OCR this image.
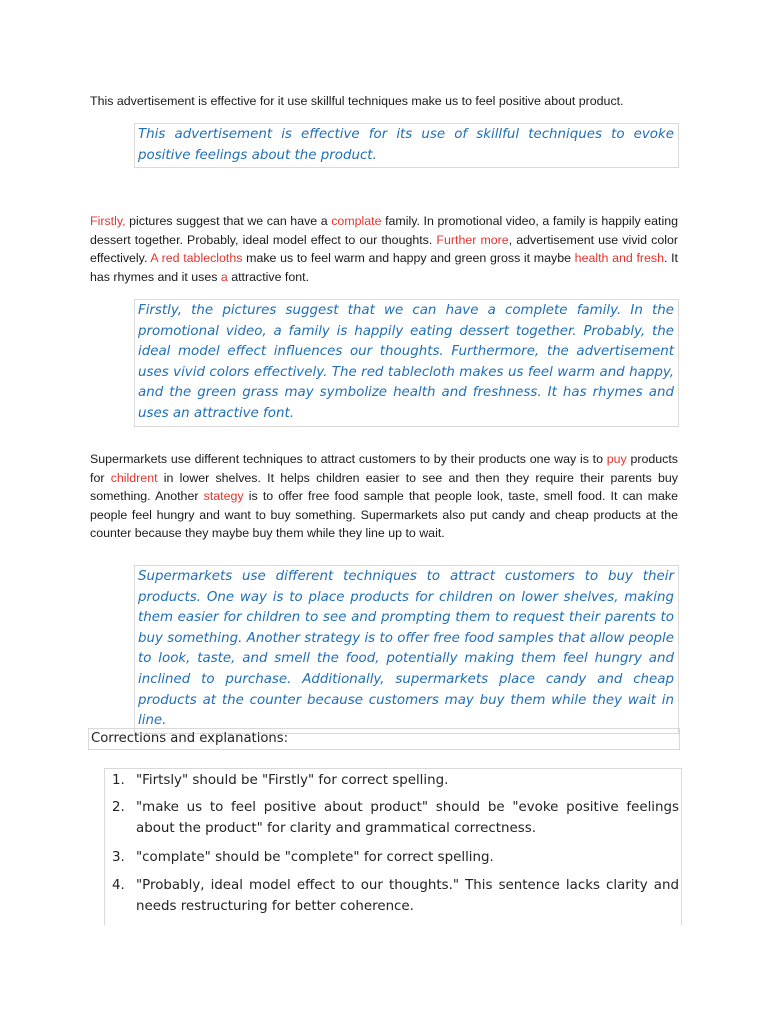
This advertisement is effective for it use skillful techniques make us to feel positive about product.

This advertisement is effective for its use of skillful techniques to evoke positive feelings about the product.

Firstly, pictures suggest that we can have a complate family. In promotional video, a family is happily eating dessert together. Probably, ideal model effect to our thoughts. Further more, advertisement use vivid color effectively. A red tablecloths make us to feel warm and happy and green gross it maybe health and fresh. It has rhymes and it uses a attractive font.

Firstly, the pictures suggest that we can have a complete family. In the promotional video, a family is happily eating dessert together. Probably, the ideal model effect influences our thoughts. Furthermore, the advertisement uses vivid colors effectively. The red tablecloth makes us feel warm and happy, and the green grass may symbolize health and freshness. It has rhymes and uses an attractive font.

Supermarkets use different techniques to attract customers to by their products one way is to puy products for childrent in lower shelves. It helps children easier to see and then they require their parents buy something. Another stategy is to offer free food sample that people look, taste, smell food. It can make people feel hungry and want to buy something. Supermarkets also put candy and cheap products at the counter because they maybe buy them while they line up to wait.

Supermarkets use different techniques to attract customers to buy their products. One way is to place products for children on lower shelves, making them easier for children to see and prompting them to request their parents to buy something. Another strategy is to offer free food samples that allow people to look, taste, and smell the food, potentially making them feel hungry and inclined to purchase. Additionally, supermarkets place candy and cheap products at the counter because customers may buy them while they wait in line.
Corrections and explanations:
1. "Firtsly" should be "Firstly" for correct spelling.
2. "make us to feel positive about product" should be "evoke positive feelings about the product" for clarity and grammatical correctness.
3. "complate" should be "complete" for correct spelling.
4. "Probably, ideal model effect to our thoughts." This sentence lacks clarity and needs restructuring for better coherence.
